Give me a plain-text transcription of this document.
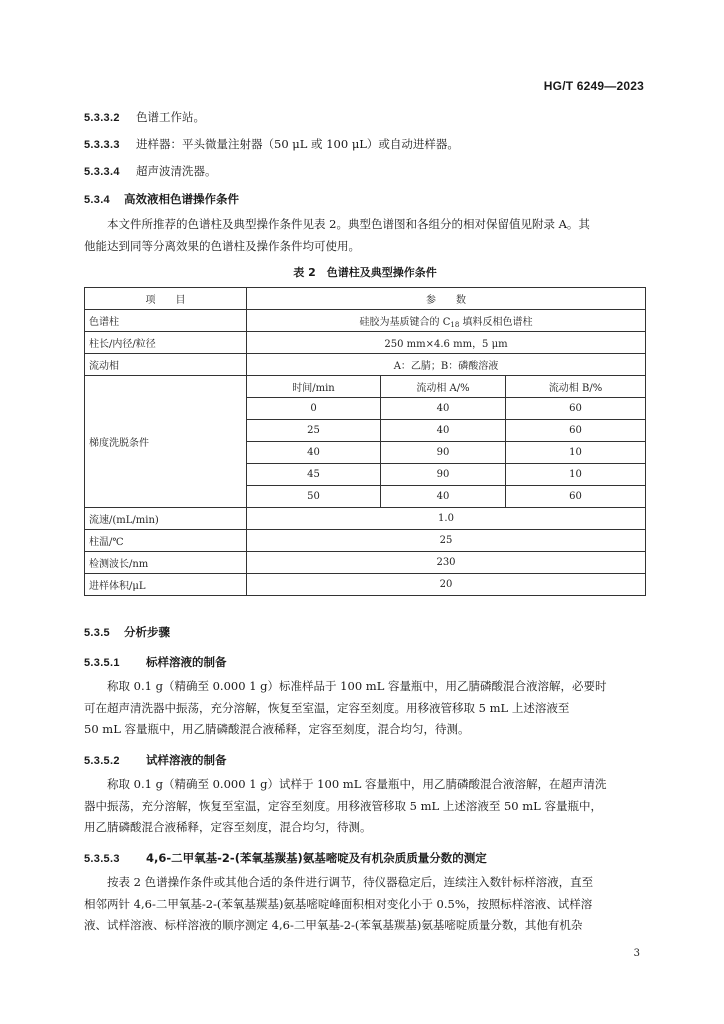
HG/T 6249—2023
5.3.3.2 色谱工作站。
5.3.3.3 进样器：平头微量注射器（50 μL 或 100 μL）或自动进样器。
5.3.3.4 超声波清洗器。
5.3.4 高效液相色谱操作条件
本文件所推荐的色谱柱及典型操作条件见表 2。典型色谱图和各组分的相对保留值见附录 A。其
他能达到同等分离效果的色谱柱及操作条件均可使用。
表 2　色谱柱及典型操作条件
项　　目	参　　数		
色谱柱	硅胶为基质键合的 $C_{18}$ 填料反相色谱柱		
柱长/内径/粒径	250 mm×4.6 mm，5 μm		
流动相	A：乙腈；B：磷酸溶液		
梯度洗脱条件	时间/min	流动相 A/%	流动相 B/%
	0	40	60
	25	40	60
	40	90	10
	45	90	10
	50	40	60
流速/(mL/min)	1.0		
柱温/℃	25		
检测波长/nm	230		
进样体积/μL	20		
5.3.5 分析步骤
5.3.5.1 标样溶液的制备
称取 0.1 g（精确至 0.000 1 g）标准样品于 100 mL 容量瓶中，用乙腈磷酸混合液溶解，必要时
可在超声清洗器中振荡，充分溶解，恢复至室温，定容至刻度。用移液管移取 5 mL 上述溶液至
50 mL 容量瓶中，用乙腈磷酸混合液稀释，定容至刻度，混合均匀，待测。
5.3.5.2 试样溶液的制备
称取 0.1 g（精确至 0.000 1 g）试样于 100 mL 容量瓶中，用乙腈磷酸混合液溶解，在超声清洗
器中振荡，充分溶解，恢复至室温，定容至刻度。用移液管移取 5 mL 上述溶液至 50 mL 容量瓶中，
用乙腈磷酸混合液稀释，定容至刻度，混合均匀，待测。
5.3.5.3 4,6-二甲氧基-2-(苯氧基羰基)氨基嘧啶及有机杂质质量分数的测定
按表 2 色谱操作条件或其他合适的条件进行调节，待仪器稳定后，连续注入数针标样溶液，直至
相邻两针 4,6-二甲氧基-2-(苯氧基羰基)氨基嘧啶峰面积相对变化小于 0.5%，按照标样溶液、试样溶
液、试样溶液、标样溶液的顺序测定 4,6-二甲氧基-2-(苯氧基羰基)氨基嘧啶质量分数，其他有机杂
3
